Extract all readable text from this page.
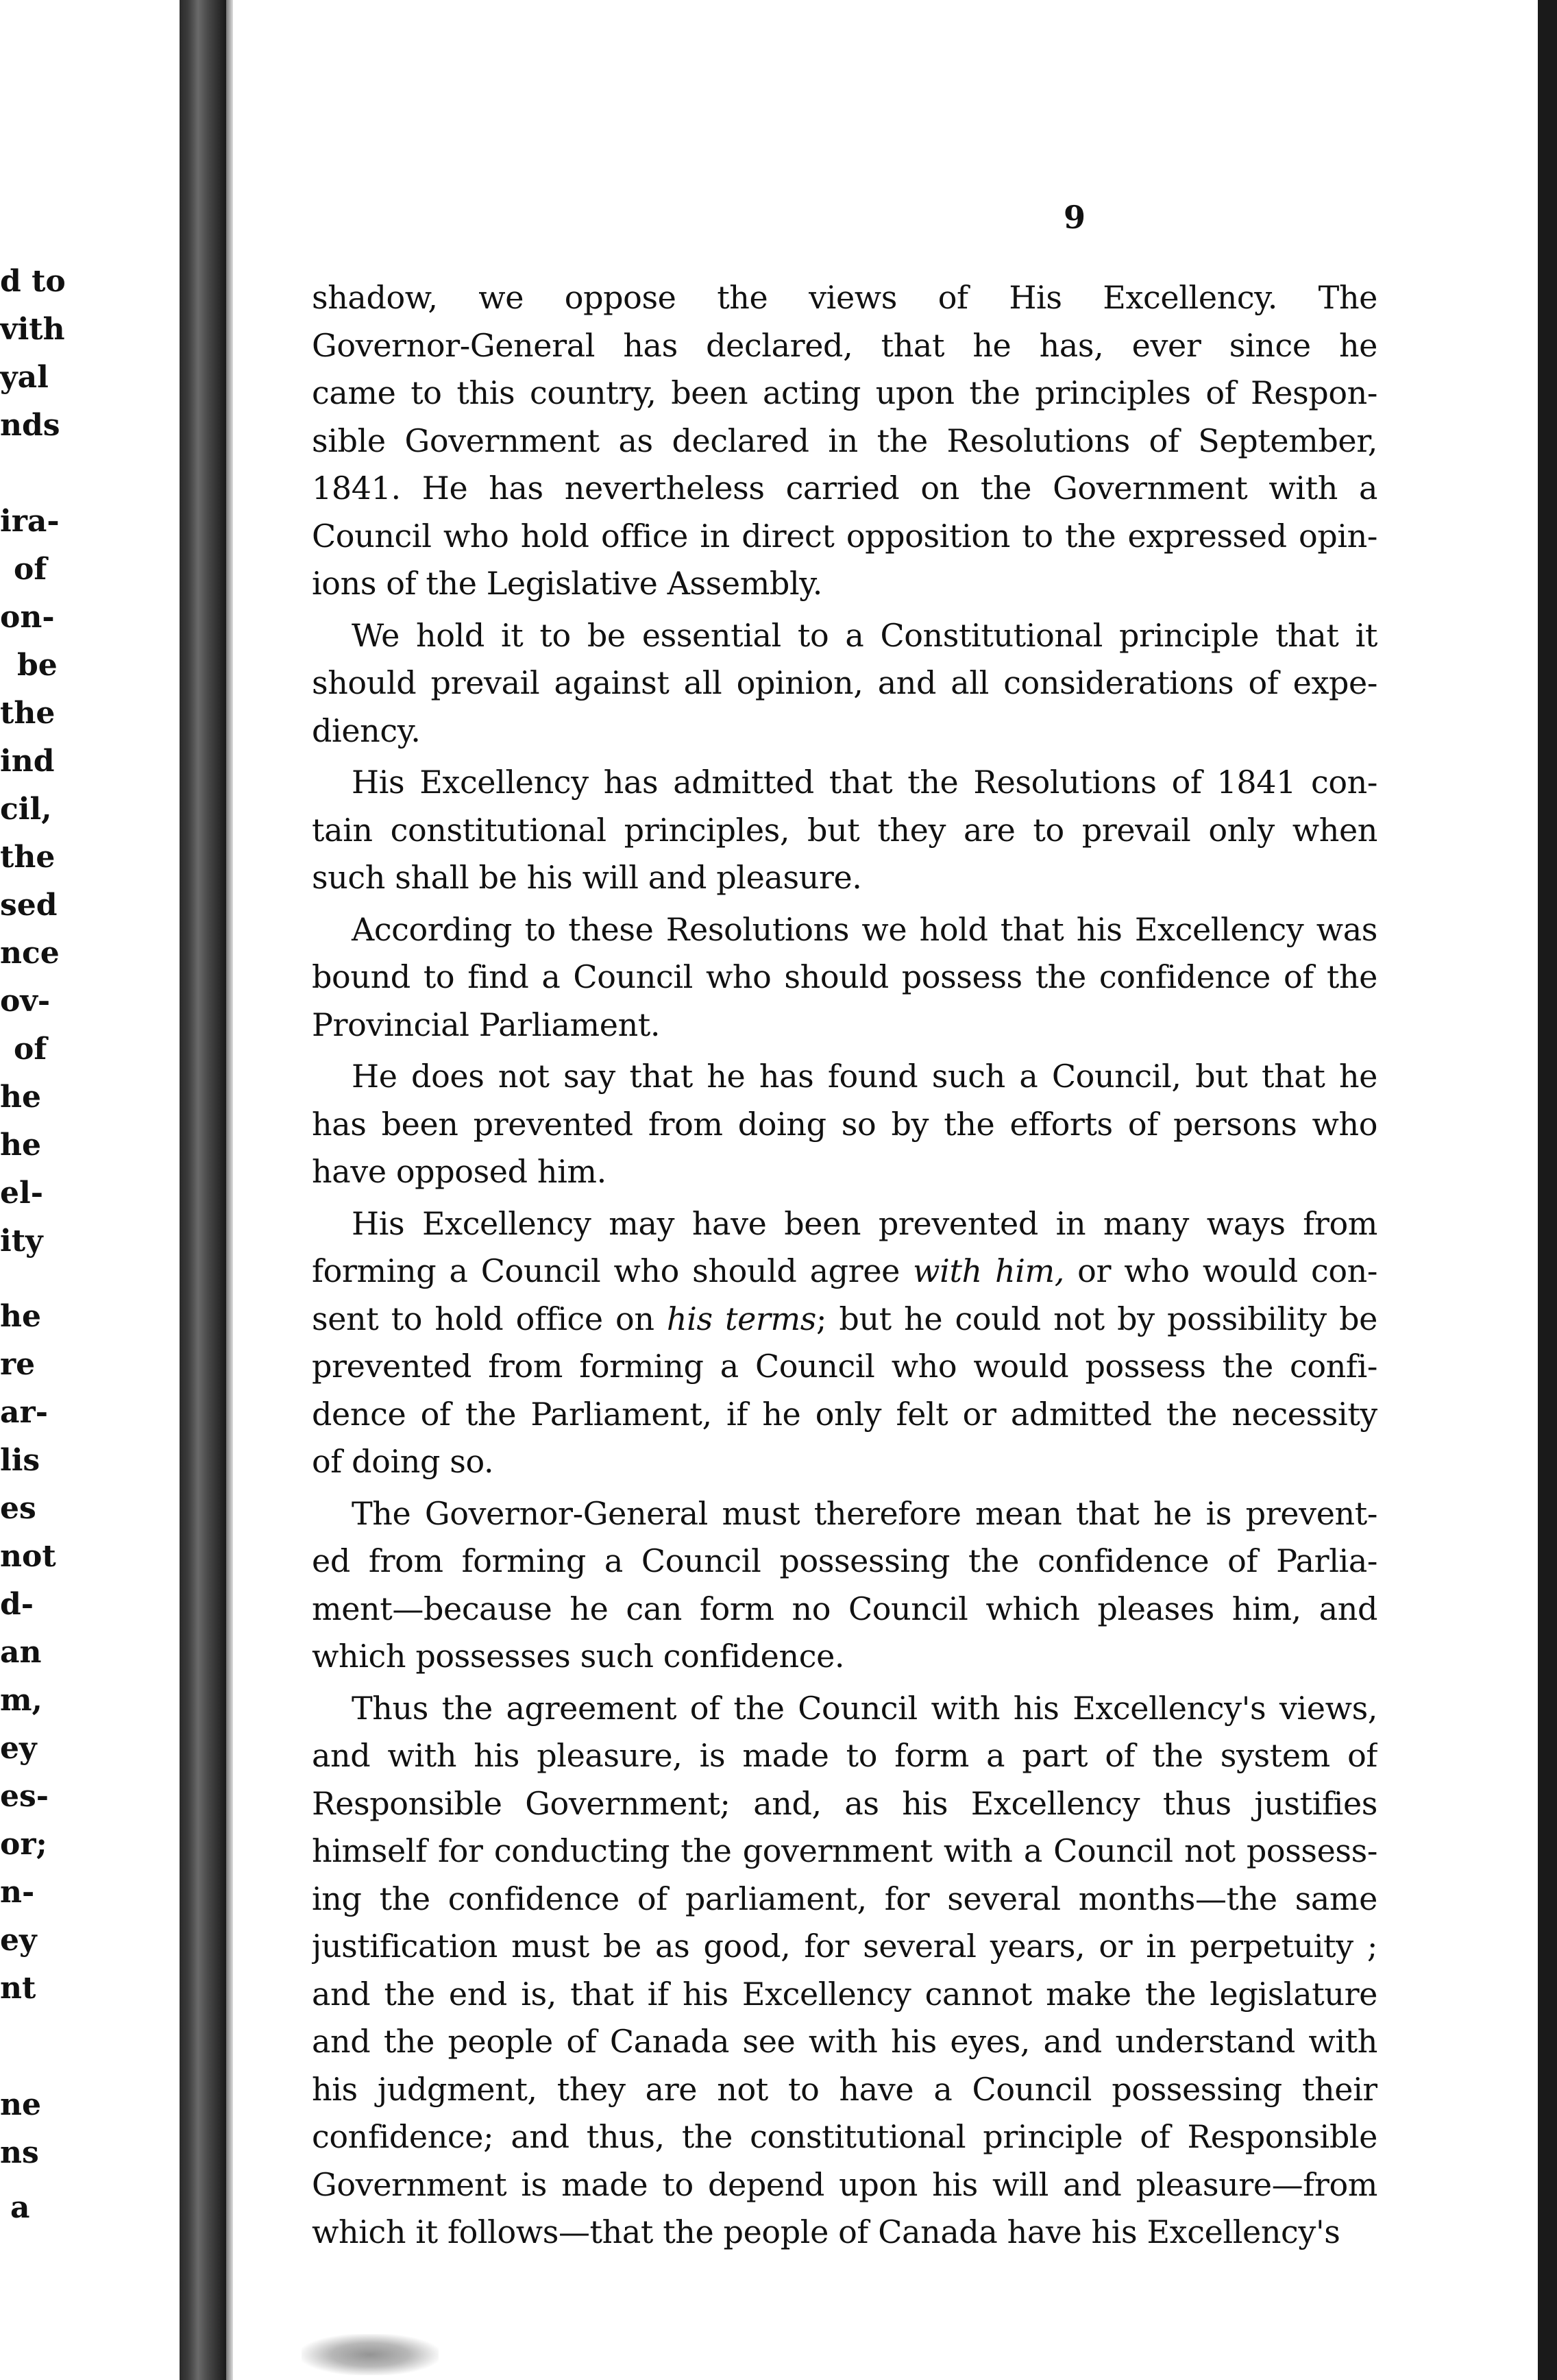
d to
vith
yal
nds
ira-
of
on-
be
the
ind
cil,
the
sed
nce
ov-
of
he
he
el-
ity
he
re
ar-
lis
es
not
d-
an
m,
ey
es-
or;
n-
ey
nt
ne
ns
a
9
shadow, we oppose the views of His Excellency. The
Governor-General has declared, that he has, ever since he
came to this country, been acting upon the principles of Respon-
sible Government as declared in the Resolutions of September,
1841. He has nevertheless carried on the Government with a
Council who hold office in direct opposition to the expressed opin-
ions of the Legislative Assembly.
We hold it to be essential to a Constitutional principle that it
should prevail against all opinion, and all considerations of expe-
diency.
His Excellency has admitted that the Resolutions of 1841 con-
tain constitutional principles, but they are to prevail only when
such shall be his will and pleasure.
According to these Resolutions we hold that his Excellency was
bound to find a Council who should possess the confidence of the
Provincial Parliament.
He does not say that he has found such a Council, but that he
has been prevented from doing so by the efforts of persons who
have opposed him.
His Excellency may have been prevented in many ways from
forming a Council who should agree with him, or who would con-
sent to hold office on his terms; but he could not by possibility be
prevented from forming a Council who would possess the confi-
dence of the Parliament, if he only felt or admitted the necessity
of doing so.
The Governor-General must therefore mean that he is prevent-
ed from forming a Council possessing the confidence of Parlia-
ment—because he can form no Council which pleases him, and
which possesses such confidence.
Thus the agreement of the Council with his Excellency's views,
and with his pleasure, is made to form a part of the system of
Responsible Government; and, as his Excellency thus justifies
himself for conducting the government with a Council not possess-
ing the confidence of parliament, for several months—the same
justification must be as good, for several years, or in perpetuity ;
and the end is, that if his Excellency cannot make the legislature
and the people of Canada see with his eyes, and understand with
his judgment, they are not to have a Council possessing their
confidence; and thus, the constitutional principle of Responsible
Government is made to depend upon his will and pleasure—from
which it follows—that the people of Canada have his Excellency's
